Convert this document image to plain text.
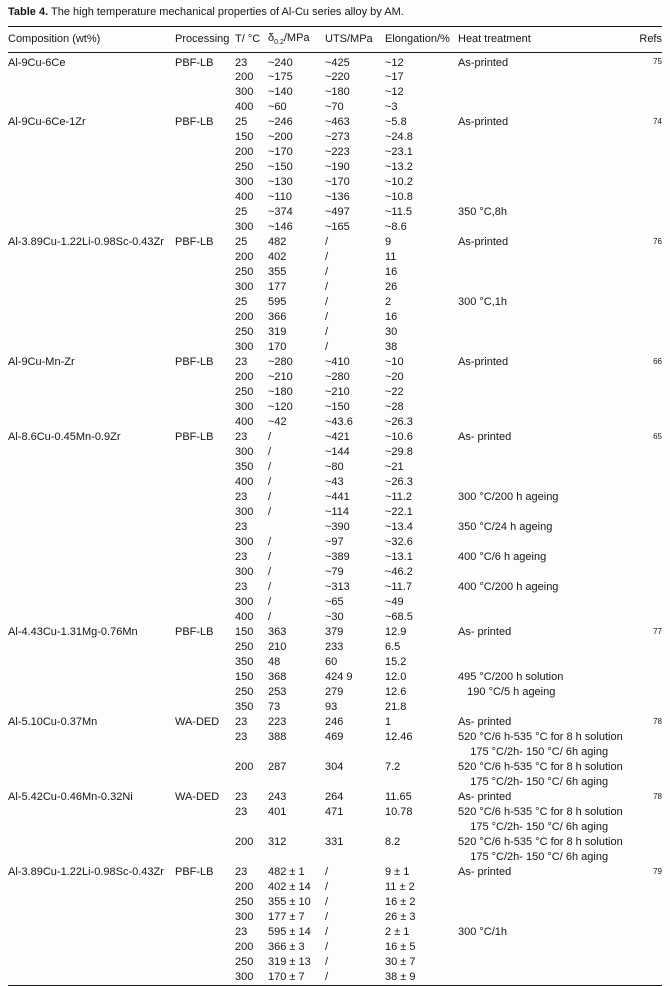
Table 4. The high temperature mechanical properties of Al-Cu series alloy by AM.

Composition (wt%)	Processing	T/ °C	$\delta_{0.2}$/MPa	UTS/MPa	Elongation/%	Heat treatment	Refs
Al-9Cu-6Ce	PBF-LB	23	~240	~425	~12	As-printed	75
		200	~175	~220	~17		
		300	~140	~180	~12		
		400	~60	~70	~3		
Al-9Cu-6Ce-1Zr	PBF-LB	25	~246	~463	~5.8	As-printed	74
		150	~200	~273	~24.8		
		200	~170	~223	~23.1		
		250	~150	~190	~13.2		
		300	~130	~170	~10.2		
		400	~110	~136	~10.8		
		25	~374	~497	~11.5	350 °C,8h	
		300	~146	~165	~8.6		
Al-3.89Cu-1.22Li-0.98Sc-0.43Zr	PBF-LB	25	482	/	9	As-printed	76
		200	402	/	11		
		250	355	/	16		
		300	177	/	26		
		25	595	/	2	300 °C,1h	
		200	366	/	16		
		250	319	/	30		
		300	170	/	38		
Al-9Cu-Mn-Zr	PBF-LB	23	~280	~410	~10	As-printed	66
		200	~210	~280	~20		
		250	~180	~210	~22		
		300	~120	~150	~28		
		400	~42	~43.6	~26.3		
Al-8.6Cu-0.45Mn-0.9Zr	PBF-LB	23	/	~421	~10.6	As- printed	65
		300	/	~144	~29.8		
		350	/	~80	~21		
		400	/	~43	~26.3		
		23	/	~441	~11.2	300 °C/200 h ageing	
		300	/	~114	~22.1		
		23		~390	~13.4	350 °C/24 h ageing	
		300	/	~97	~32.6		
		23	/	~389	~13.1	400 °C/6 h ageing	
		300	/	~79	~46.2		
		23	/	~313	~11.7	400 °C/200 h ageing	
		300	/	~65	~49		
		400	/	~30	~68.5		
Al-4.43Cu-1.31Mg-0.76Mn	PBF-LB	150	363	379	12.9	As- printed	77
		250	210	233	6.5		
		350	48	60	15.2		
		150	368	424 9	12.0	495 °C/200 h solution	
		250	253	279	12.6	190 °C/5 h ageing	
		350	73	93	21.8		
Al-5.10Cu-0.37Mn	WA-DED	23	223	246	1	As- printed	78
		23	388	469	12.46	520 °C/6 h-535 °C for 8 h solution	
						175 °C/2h- 150 °C/ 6h aging	
		200	287	304	7.2	520 °C/6 h-535 °C for 8 h solution	
						175 °C/2h- 150 °C/ 6h aging	
Al-5.42Cu-0.46Mn-0.32Ni	WA-DED	23	243	264	11.65	As- printed	78
		23	401	471	10.78	520 °C/6 h-535 °C for 8 h solution	
						175 °C/2h- 150 °C/ 6h aging	
		200	312	331	8.2	520 °C/6 h-535 °C for 8 h solution	
						175 °C/2h- 150 °C/ 6h aging	
Al-3.89Cu-1.22Li-0.98Sc-0.43Zr	PBF-LB	23	482 ± 1	/	9 ± 1	As- printed	79
		200	402 ± 14	/	11 ± 2		
		250	355 ± 10	/	16 ± 2		
		300	177 ± 7	/	26 ± 3		
		23	595 ± 14	/	2 ± 1	300 °C/1h	
		200	366 ± 3	/	16 ± 5		
		250	319 ± 13	/	30 ± 7		
		300	170 ± 7	/	38 ± 9		
